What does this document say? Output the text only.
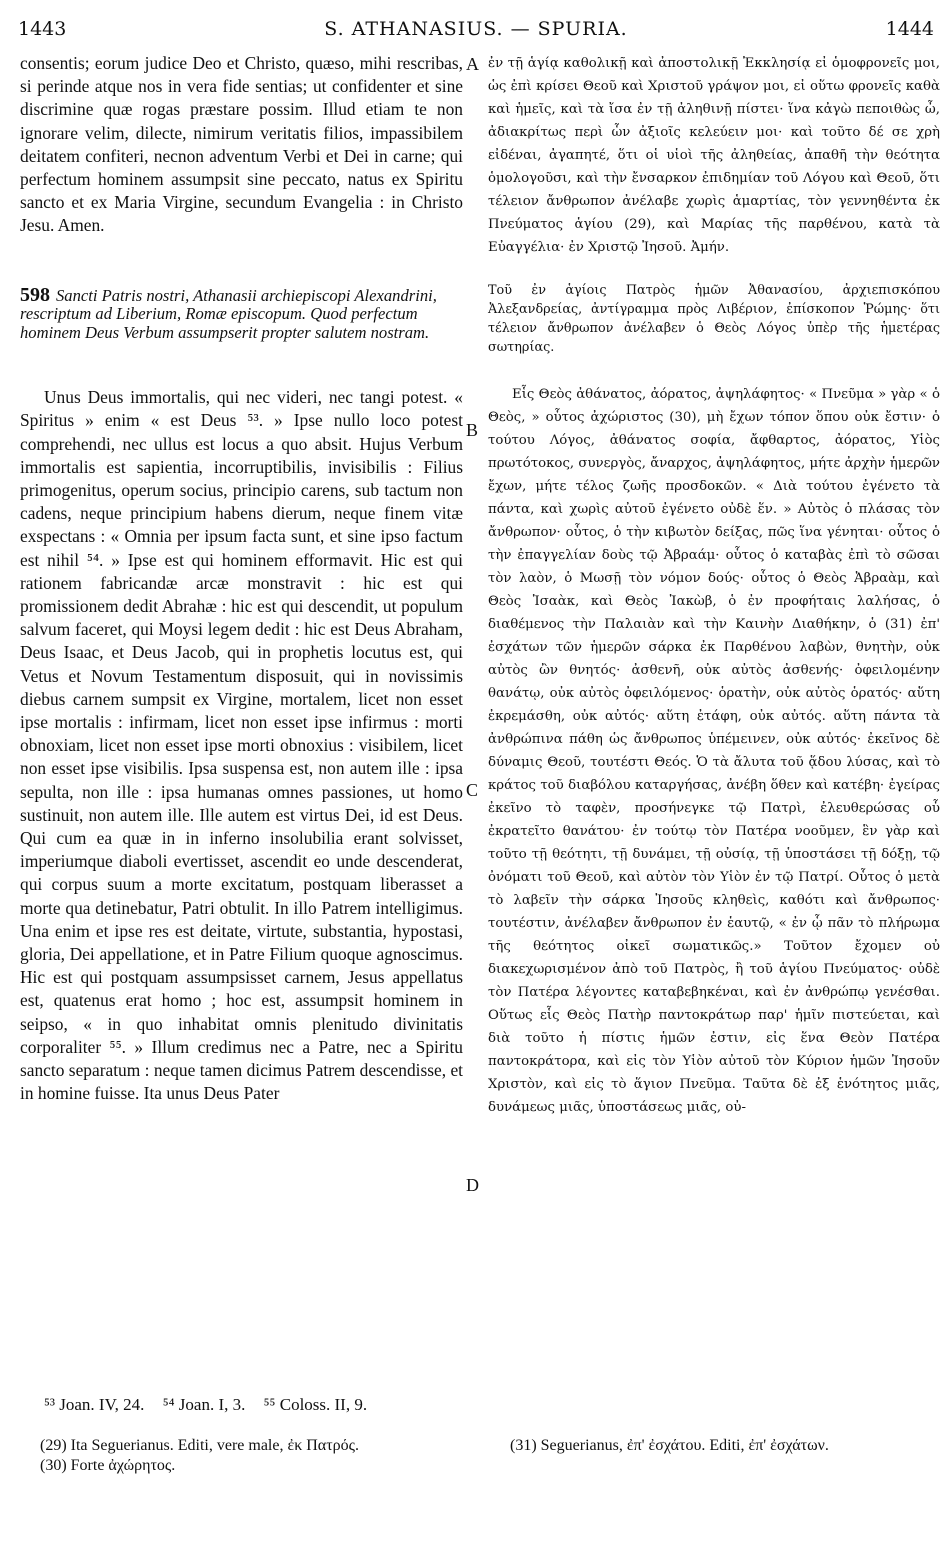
1443	S. ATHANASIUS. — SPURIA.	1444
A
B
C
D

consentis; eorum judice Deo et Christo, quæso, mihi rescribas, si perinde atque nos in vera fide sentias; ut confidenter et sine discrimine quæ rogas præstare possim. Illud etiam te non ignorare velim, dilecte, nimirum veritatis filios, impassibilem deitatem confiteri, necnon adventum Verbi et Dei in carne; qui perfectum hominem assumpsit sine peccato, natus ex Spiritu sancto et ex Maria Virgine, secundum Evangelia : in Christo Jesu. Amen.

598 Sancti Patris nostri, Athanasii archiepiscopi Alexandrini, rescriptum ad Liberium, Romæ episcopum. Quod perfectum hominem Deus Verbum assumpserit propter salutem nostram.

Unus Deus immortalis, qui nec videri, nec tangi potest. « Spiritus » enim « est Deus ⁵³. » Ipse nullo loco potest comprehendi, nec ullus est locus a quo absit. Hujus Verbum immortalis est sapientia, incorruptibilis, invisibilis : Filius primogenitus, operum socius, principio carens, sub tactum non cadens, neque principium habens dierum, neque finem vitæ exspectans : « Omnia per ipsum facta sunt, et sine ipso factum est nihil ⁵⁴. » Ipse est qui hominem efformavit. Hic est qui rationem fabricandæ arcæ monstravit : hic est qui promissionem dedit Abrahæ : hic est qui descendit, ut populum salvum faceret, qui Moysi legem dedit : hic est Deus Abraham, Deus Isaac, et Deus Jacob, qui in prophetis locutus est, qui Vetus et Novum Testamentum disposuit, qui in novissimis diebus carnem sumpsit ex Virgine, mortalem, licet non esset ipse mortalis : infirmam, licet non esset ipse infirmus : morti obnoxiam, licet non esset ipse morti obnoxius : visibilem, licet non esset ipse visibilis. Ipsa suspensa est, non autem ille : ipsa sepulta, non ille : ipsa humanas omnes passiones, ut homo sustinuit, non autem ille. Ille autem est virtus Dei, id est Deus. Qui cum ea quæ in in inferno insolubilia erant solvisset, imperiumque diaboli evertisset, ascendit eo unde descenderat, qui corpus suum a morte excitatum, postquam liberasset a morte qua detinebatur, Patri obtulit. In illo Patrem intelligimus. Una enim et ipse res est deitate, virtute, substantia, hypostasi, gloria, Dei appellatione, et in Patre Filium quoque agnoscimus. Hic est qui postquam assumpsisset carnem, Jesus appellatus est, quatenus erat homo ; hoc est, assumpsit hominem in seipso, « in quo inhabitat omnis plenitudo divinitatis corporaliter ⁵⁵. » Illum credimus nec a Patre, nec a Spiritu sancto separatum : neque tamen dicimus Patrem descendisse, et in homine fuisse. Ita unus Deus Pater

ἐν τῇ ἁγίᾳ καθολικῇ καὶ ἀποστολικῇ Ἐκκλησίᾳ εἰ ὁμοφρονεῖς μοι, ὡς ἐπὶ κρίσει Θεοῦ καὶ Χριστοῦ γράψον μοι, εἰ οὕτω φρονεῖς καθὰ καὶ ἡμεῖς, καὶ τὰ ἴσα ἐν τῇ ἀληθινῇ πίστει· ἵνα κἀγὼ πεποιθὼς ὦ, ἀδιακρίτως περὶ ὧν ἀξιοῖς κελεύειν μοι· καὶ τοῦτο δέ σε χρὴ εἰδέναι, ἀγαπητέ, ὅτι οἱ υἱοὶ τῆς ἀληθείας, ἀπαθῆ τὴν θεότητα ὁμολογοῦσι, καὶ τὴν ἔνσαρκον ἐπιδημίαν τοῦ Λόγου καὶ Θεοῦ, ὅτι τέλειον ἄνθρωπον ἀνέλαβε χωρὶς ἁμαρτίας, τὸν γεννηθέντα ἐκ Πνεύματος ἁγίου (29), καὶ Μαρίας τῆς παρθένου, κατὰ τὰ Εὐαγγέλια· ἐν Χριστῷ Ἰησοῦ. Ἀμήν.

Τοῦ ἐν ἁγίοις Πατρὸς ἡμῶν Ἀθανασίου, ἀρχιεπισκόπου Ἀλεξανδρείας, ἀντίγραμμα πρὸς Λιβέριον, ἐπίσκοπον Ῥώμης· ὅτι τέλειον ἄνθρωπον ἀνέλαβεν ὁ Θεὸς Λόγος ὑπὲρ τῆς ἡμετέρας σωτηρίας.

Εἷς Θεὸς ἀθάνατος, ἀόρατος, ἀψηλάφητος· « Πνεῦμα » γὰρ « ὁ Θεὸς, » οὗτος ἀχώριστος (30), μὴ ἔχων τόπον ὅπου οὐκ ἔστιν· ὁ τούτου Λόγος, ἀθάνατος σοφία, ἄφθαρτος, ἀόρατος, Υἱὸς πρωτότοκος, συνεργὸς, ἄναρχος, ἀψηλάφητος, μήτε ἀρχὴν ἡμερῶν ἔχων, μήτε τέλος ζωῆς προσδοκῶν. « Διὰ τούτου ἐγένετο τὰ πάντα, καὶ χωρὶς αὐτοῦ ἐγένετο οὐδὲ ἕν. » Αὐτὸς ὁ πλάσας τὸν ἄνθρωπον· οὗτος, ὁ τὴν κιβωτὸν δείξας, πῶς ἵνα γένηται· οὗτος ὁ τὴν ἐπαγγελίαν δοὺς τῷ Ἀβραάμ· οὗτος ὁ καταβὰς ἐπὶ τὸ σῶσαι τὸν λαὸν, ὁ Μωσῇ τὸν νόμον δούς· οὗτος ὁ Θεὸς Ἀβραὰμ, καὶ Θεὸς Ἰσαὰκ, καὶ Θεὸς Ἰακὼβ, ὁ ἐν προφήταις λαλήσας, ὁ διαθέμενος τὴν Παλαιὰν καὶ τὴν Καινὴν Διαθήκην, ὁ (31) ἐπ' ἐσχάτων τῶν ἡμερῶν σάρκα ἐκ Παρθένου λαβὼν, θνητὴν, οὐκ αὐτὸς ὢν θνητός· ἀσθενῆ, οὐκ αὐτὸς ἀσθενής· ὀφειλομένην θανάτῳ, οὐκ αὐτὸς ὀφειλόμενος· ὁρατὴν, οὐκ αὐτὸς ὁρατός· αὕτη ἐκρεμάσθη, οὐκ αὐτός· αὕτη ἐτάφη, οὐκ αὐτός. αὕτη πάντα τὰ ἀνθρώπινα πάθη ὡς ἄνθρωπος ὑπέμεινεν, οὐκ αὐτός· ἐκεῖνος δὲ δύναμις Θεοῦ, τουτέστι Θεός. Ὁ τὰ ἄλυτα τοῦ ᾅδου λύσας, καὶ τὸ κράτος τοῦ διαβόλου καταργήσας, ἀνέβη ὅθεν καὶ κατέβη· ἐγείρας ἐκεῖνο τὸ ταφὲν, προσήνεγκε τῷ Πατρὶ, ἐλευθερώσας οὗ ἐκρατεῖτο θανάτου· ἐν τούτῳ τὸν Πατέρα νοοῦμεν, ἓν γὰρ καὶ τοῦτο τῇ θεότητι, τῇ δυνάμει, τῇ οὐσίᾳ, τῇ ὑποστάσει τῇ δόξῃ, τῷ ὀνόματι τοῦ Θεοῦ, καὶ αὐτὸν τὸν Υἱὸν ἐν τῷ Πατρί. Οὗτος ὁ μετὰ τὸ λαβεῖν τὴν σάρκα Ἰησοῦς κληθεὶς, καθότι καὶ ἄνθρωπος· τουτέστιν, ἀνέλαβεν ἄνθρωπον ἐν ἑαυτῷ, « ἐν ᾧ πᾶν τὸ πλήρωμα τῆς θεότητος οἰκεῖ σωματικῶς.» Τοῦτον ἔχομεν οὐ διακεχωρισμένον ἀπὸ τοῦ Πατρὸς, ἢ τοῦ ἁγίου Πνεύματος· οὐδὲ τὸν Πατέρα λέγοντες καταβεβηκέναι, καὶ ἐν ἀνθρώπῳ γενέσθαι. Οὕτως εἷς Θεὸς Πατὴρ παντοκράτωρ παρ' ἡμῖν πιστεύεται, καὶ διὰ τοῦτο ἡ πίστις ἡμῶν ἐστιν, εἰς ἕνα Θεὸν Πατέρα παντοκράτορα, καὶ εἰς τὸν Υἱὸν αὐτοῦ τὸν Κύριον ἡμῶν Ἰησοῦν Χριστὸν, καὶ εἰς τὸ ἅγιον Πνεῦμα. Ταῦτα δὲ ἐξ ἑνότητος μιᾶς, δυνάμεως μιᾶς, ὑποστάσεως μιᾶς, οὐ-

⁵³ Joan. IV, 24. ⁵⁴ Joan. I, 3. ⁵⁵ Coloss. II, 9.
(29) Ita Seguerianus. Editi, vere male, ἐκ Πατρός.
(30) Forte ἀχώρητος.
(31) Seguerianus, ἐπ' ἐσχάτου. Editi, ἐπ' ἐσχάτων.
